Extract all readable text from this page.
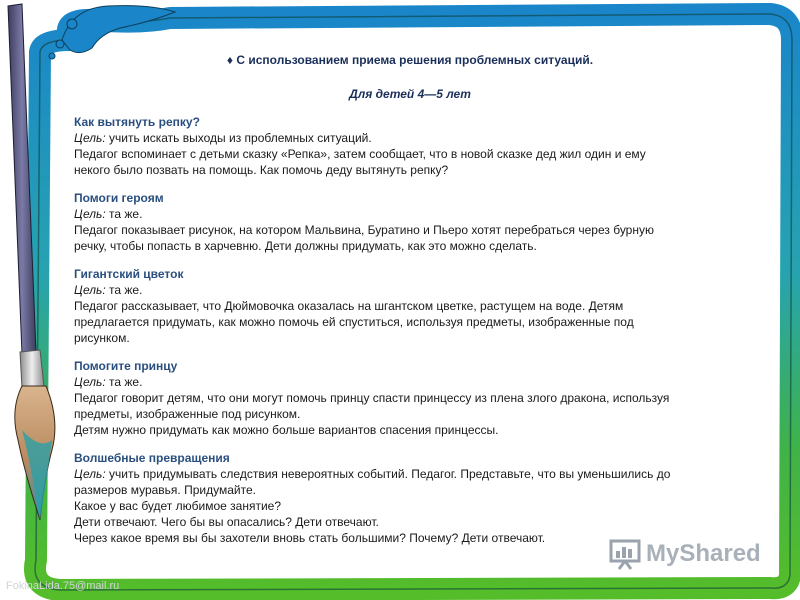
♦ С использованием приема решения проблемных ситуаций.
Для детей 4—5 лет
Как вытянуть репку?
Цель: учить искать выходы из проблемных ситуаций.
Педагог вспоминает с детьми сказку «Репка», затем сообщает, что в новой сказке дед жил один и ему
некого было позвать на помощь. Как помочь деду вытянуть репку?
Помоги героям
Цель: та же.
Педагог показывает рисунок, на котором Мальвина, Буратино и Пьеро хотят перебраться через бурную
речку, чтобы попасть в харчевню. Дети должны придумать, как это можно сделать.
Гигантский цветок
Цель: та же.
Педагог рассказывает, что Дюймовочка оказалась на шгантском цветке, растущем на воде. Детям
предлагается придумать, как можно помочь ей спуститься, используя предметы, изображенные под
рисунком.
Помогите принцу
Цель: та же.
Педагог говорит детям, что они могут помочь принцу спасти принцессу из плена злого дракона, используя
предметы, изображенные под рисунком.
Детям нужно придумать как можно больше вариантов спасения принцессы.
Волшебные превращения
Цель: учить придумывать следствия невероятных событий. Педагог. Представьте, что вы уменьшились до
размеров муравья. Придумайте.
Какое у вас будет любимое занятие?
Дети отвечают. Чего бы вы опасались? Дети отвечают.
Через какое время вы бы захотели вновь стать большими? Почему? Дети отвечают.
MyShared
FokinaLida.75@mail.ru
